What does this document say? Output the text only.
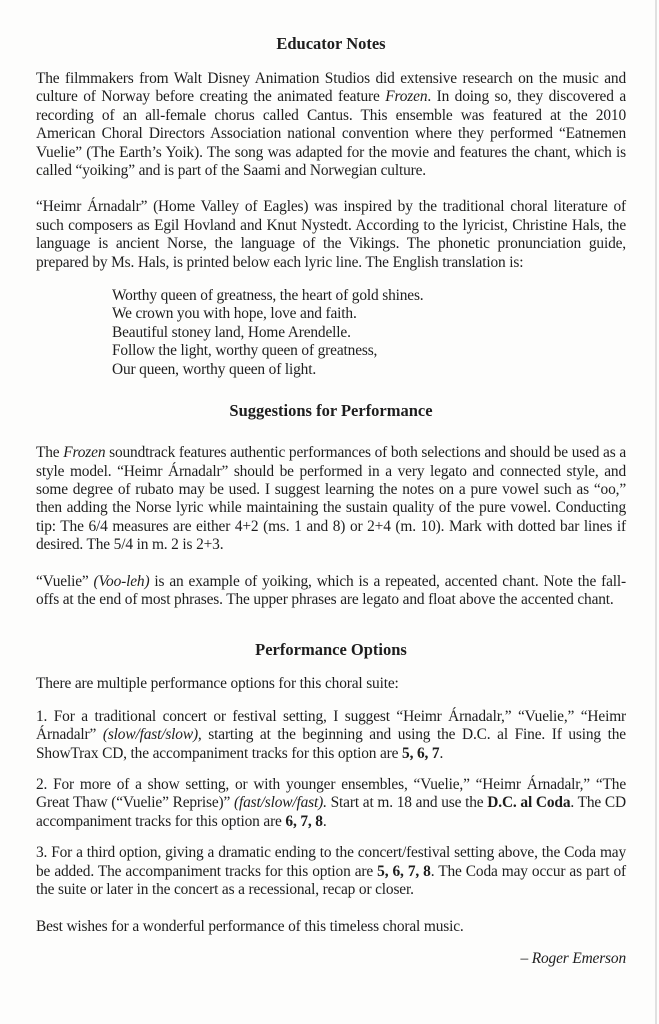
Educator Notes

The filmmakers from Walt Disney Animation Studios did extensive research on the music and culture of Norway before creating the animated feature Frozen. In doing so, they discovered a recording of an all-female chorus called Cantus. This ensemble was featured at the 2010 American Choral Directors Association national convention where they performed “Eatnemen Vuelie” (The Earth’s Yoik). The song was adapted for the movie and features the chant, which is called “yoiking” and is part of the Saami and Norwegian culture.

“Heimr Árnadalr” (Home Valley of Eagles) was inspired by the traditional choral literature of such composers as Egil Hovland and Knut Nystedt. According to the lyricist, Christine Hals, the language is ancient Norse, the language of the Vikings. The phonetic pronunciation guide, prepared by Ms. Hals, is printed below each lyric line. The English translation is:

Worthy queen of greatness, the heart of gold shines.
We crown you with hope, love and faith.
Beautiful stoney land, Home Arendelle.
Follow the light, worthy queen of greatness,
Our queen, worthy queen of light.
Suggestions for Performance

The Frozen soundtrack features authentic performances of both selections and should be used as a style model. “Heimr Árnadalr” should be performed in a very legato and connected style, and some degree of rubato may be used. I suggest learning the notes on a pure vowel such as “oo,” then adding the Norse lyric while maintaining the sustain quality of the pure vowel. Conducting tip: The 6/4 measures are either 4+2 (ms. 1 and 8) or 2+4 (m. 10). Mark with dotted bar lines if desired. The 5/4 in m. 2 is 2+3.

“Vuelie” (Voo-leh) is an example of yoiking, which is a repeated, accented chant. Note the fall-offs at the end of most phrases. The upper phrases are legato and float above the accented chant.

Performance Options

There are multiple performance options for this choral suite:

1. For a traditional concert or festival setting, I suggest “Heimr Árnadalr,” “Vuelie,” “Heimr Árnadalr” (slow/fast/slow), starting at the beginning and using the D.C. al Fine. If using the ShowTrax CD, the accompaniment tracks for this option are 5, 6, 7.

2. For more of a show setting, or with younger ensembles, “Vuelie,” “Heimr Árnadalr,” “The Great Thaw (“Vuelie” Reprise)” (fast/slow/fast). Start at m. 18 and use the D.C. al Coda. The CD accompaniment tracks for this option are 6, 7, 8.

3. For a third option, giving a dramatic ending to the concert/festival setting above, the Coda may be added. The accompaniment tracks for this option are 5, 6, 7, 8. The Coda may occur as part of the suite or later in the concert as a recessional, recap or closer.

Best wishes for a wonderful performance of this timeless choral music.

– Roger Emerson
